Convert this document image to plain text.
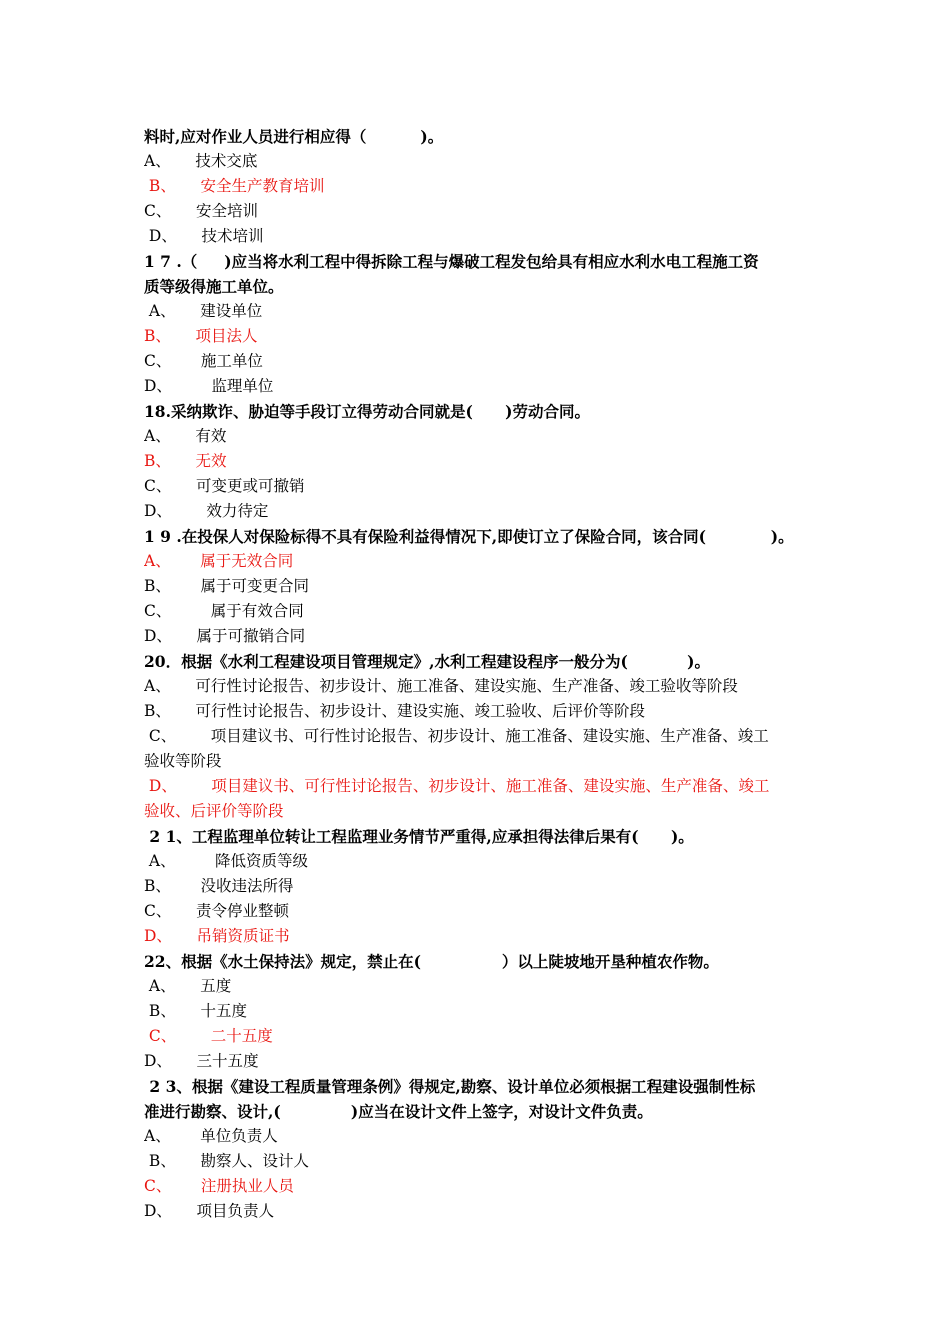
料时,应对作业人员进行相应得（          )。
A、     技术交底
B、     安全生产教育培训
C、     安全培训
D、     技术培训
1 7 .（     )应当将水利工程中得拆除工程与爆破工程发包给具有相应水利水电工程施工资
质等级得施工单位。
A、     建设单位
B、     项目法人
C、      施工单位
D、        监理单位
18.采纳欺诈、胁迫等手段订立得劳动合同就是(      )劳动合同。
A、     有效
B、     无效
C、     可变更或可撤销
D、       效力待定
1 9 .在投保人对保险标得不具有保险利益得情况下,即使订立了保险合同，该合同(            )。
A、      属于无效合同
B、      属于可变更合同
C、        属于有效合同
D、     属于可撤销合同
20．根据《水利工程建设项目管理规定》,水利工程建设程序一般分为(           )。
A、     可行性讨论报告、初步设计、施工准备、建设实施、生产准备、竣工验收等阶段
B、     可行性讨论报告、初步设计、建设实施、竣工验收、后评价等阶段
C、       项目建议书、可行性讨论报告、初步设计、施工准备、建设实施、生产准备、竣工
验收等阶段
D、       项目建议书、可行性讨论报告、初步设计、施工准备、建设实施、生产准备、竣工
验收、后评价等阶段
2 1、工程监理单位转让工程监理业务情节严重得,应承担得法律后果有(      )。
A、        降低资质等级
B、      没收违法所得
C、     责令停业整顿
D、     吊销资质证书
22、根据《水土保持法》规定，禁止在(               ）以上陡坡地开垦种植农作物。
A、     五度
B、     十五度
C、       二十五度
D、     三十五度
2 3、根据《建设工程质量管理条例》得规定,勘察、设计单位必须根据工程建设强制性标
准进行勘察、设计,(             )应当在设计文件上签字，对设计文件负责。
A、      单位负责人
B、     勘察人、设计人
C、      注册执业人员
D、     项目负责人
